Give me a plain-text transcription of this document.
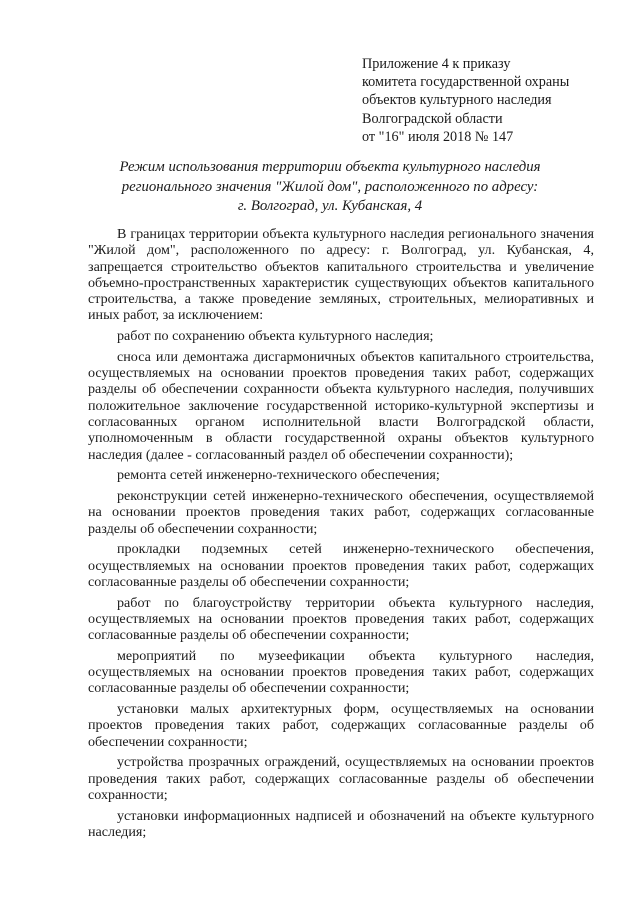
Приложение 4 к приказу
комитета государственной охраны
объектов культурного наследия
Волгоградской области
от "16" июля 2018 № 147
Режим использования территории объекта культурного наследия
регионального значения "Жилой дом", расположенного по адресу:
г. Волгоград, ул. Кубанская, 4

В границах территории объекта культурного наследия регионального значения "Жилой дом", расположенного по адресу: г. Волгоград, ул. Кубанская, 4, запрещается строительство объектов капитального строительства и увеличение объемно-пространственных характеристик существующих объектов капитального строительства, а также проведение земляных, строительных, мелиоративных и иных работ, за исключением:

работ по сохранению объекта культурного наследия;

сноса или демонтажа дисгармоничных объектов капитального строительства, осуществляемых на основании проектов проведения таких работ, содержащих разделы об обеспечении сохранности объекта культурного наследия, получивших положительное заключение государственной историко-культурной экспертизы и согласованных органом исполнительной власти Волгоградской области, уполномоченным в области государственной охраны объектов культурного наследия (далее - согласованный раздел об обеспечении сохранности);

ремонта сетей инженерно-технического обеспечения;

реконструкции сетей инженерно-технического обеспечения, осуществляемой на основании проектов проведения таких работ, содержащих согласованные разделы об обеспечении сохранности;

прокладки подземных сетей инженерно-технического обеспечения, осуществляемых на основании проектов проведения таких работ, содержащих согласованные разделы об обеспечении сохранности;

работ по благоустройству территории объекта культурного наследия, осуществляемых на основании проектов проведения таких работ, содержащих согласованные разделы об обеспечении сохранности;

мероприятий по музеефикации объекта культурного наследия, осуществляемых на основании проектов проведения таких работ, содержащих согласованные разделы об обеспечении сохранности;

установки малых архитектурных форм, осуществляемых на основании проектов проведения таких работ, содержащих согласованные разделы об обеспечении сохранности;

устройства прозрачных ограждений, осуществляемых на основании проектов проведения таких работ, содержащих согласованные разделы об обеспечении сохранности;

установки информационных надписей и обозначений на объекте культурного наследия;
